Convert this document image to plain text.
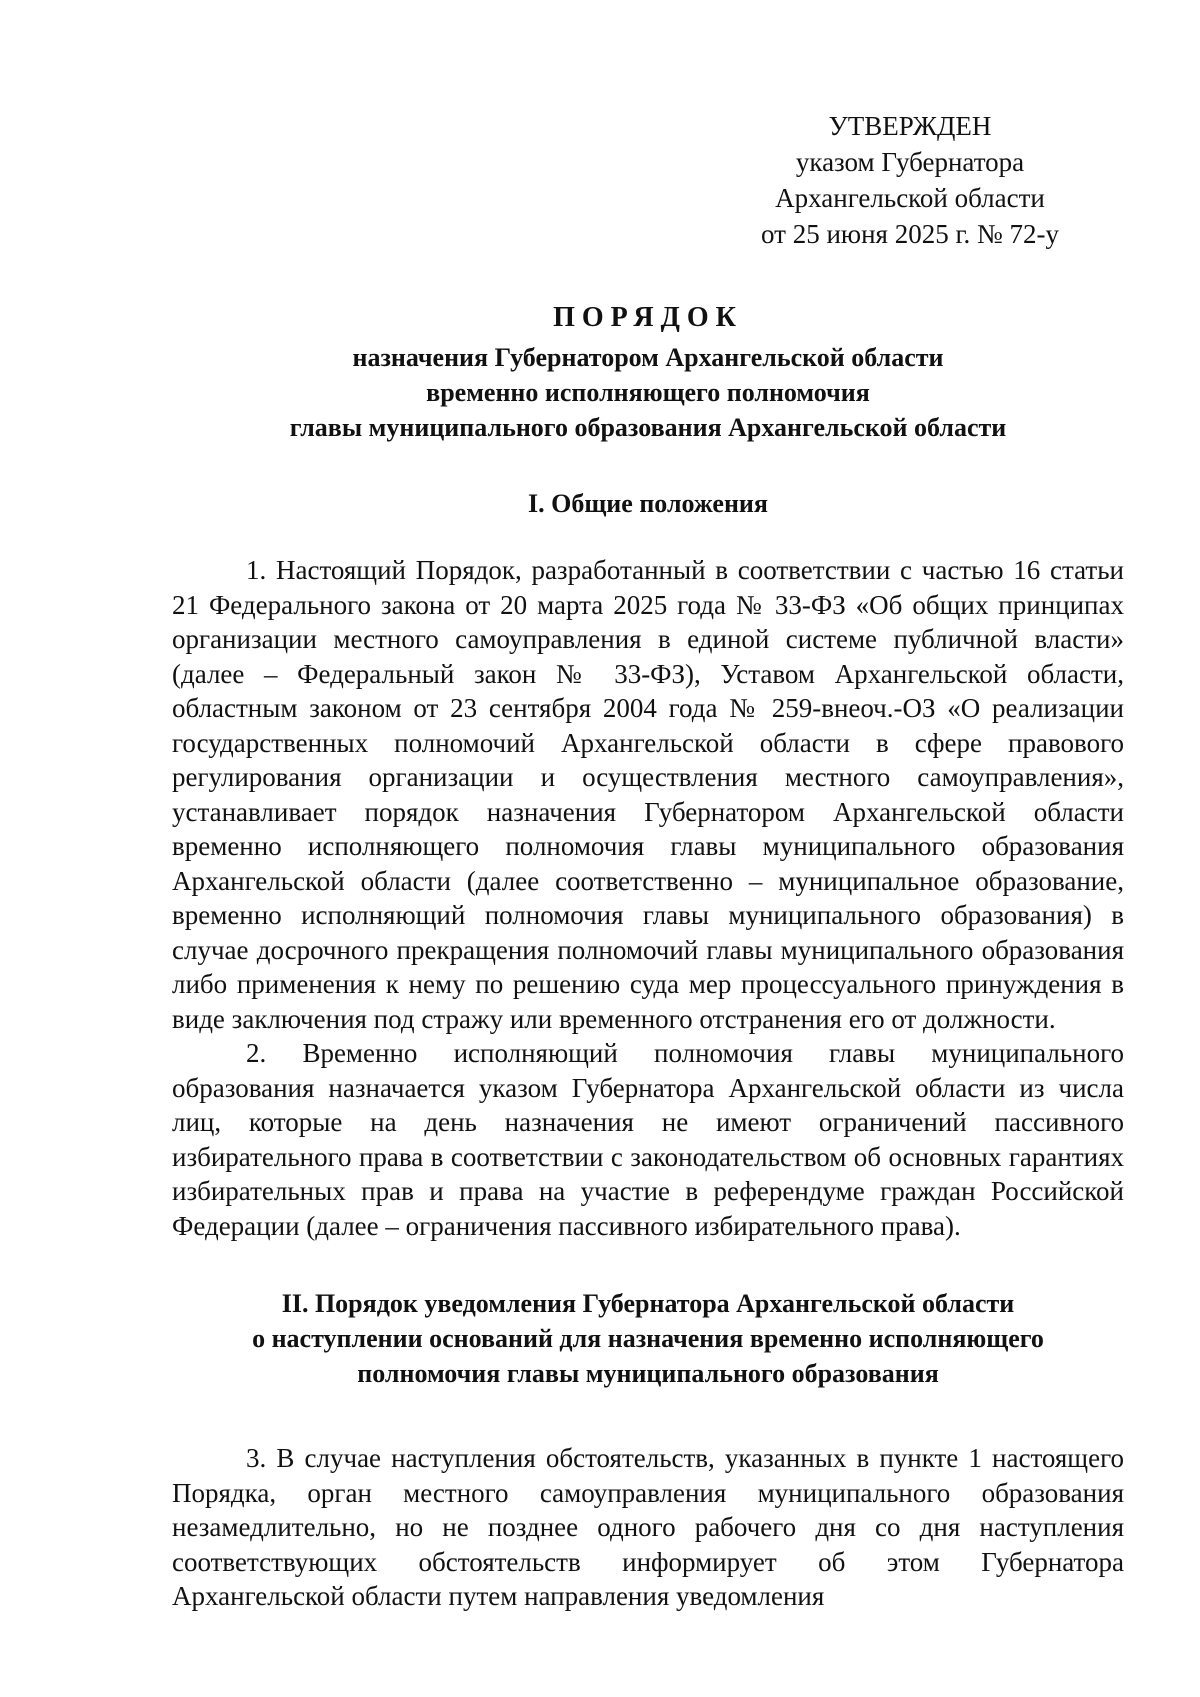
УТВЕРЖДЕН
указом Губернатора
Архангельской области
от 25 июня 2025 г. № 72-у
ПОРЯДОК
назначения Губернатором Архангельской области
временно исполняющего полномочия
главы муниципального образования Архангельской области
I. Общие положения

1. Настоящий Порядок, разработанный в соответствии с частью 16 статьи 21 Федерального закона от 20 марта 2025 года № 33-ФЗ «Об общих принципах организации местного самоуправления в единой системе публичной власти» (далее – Федеральный закон № 33-ФЗ), Уставом Архангельской области, областным законом от 23 сентября 2004 года № 259-внеоч.-ОЗ «О реализации государственных полномочий Архангельской области в сфере правового регулирования организации и осуществления местного самоуправления», устанавливает порядок назначения Губернатором Архангельской области временно исполняющего полномочия главы муниципального образования Архангельской области (далее соответственно – муниципальное образование, временно исполняющий полномочия главы муниципального образования) в случае досрочного прекращения полномочий главы муниципального образования либо применения к нему по решению суда мер процессуального принуждения в виде заключения под стражу или временного отстранения его от должности.

2. Временно исполняющий полномочия главы муниципального образования назначается указом Губернатора Архангельской области из числа лиц, которые на день назначения не имеют ограничений пассивного избирательного права в соответствии с законодательством об основных гарантиях избирательных прав и права на участие в референдуме граждан Российской Федерации (далее – ограничения пассивного избирательного права).

II. Порядок уведомления Губернатора Архангельской области
о наступлении оснований для назначения временно исполняющего
полномочия главы муниципального образования

3. В случае наступления обстоятельств, указанных в пункте 1 настоящего Порядка, орган местного самоуправления муниципального образования незамедлительно, но не позднее одного рабочего дня со дня наступления соответствующих обстоятельств информирует об этом Губернатора Архангельской области путем направления уведомления
